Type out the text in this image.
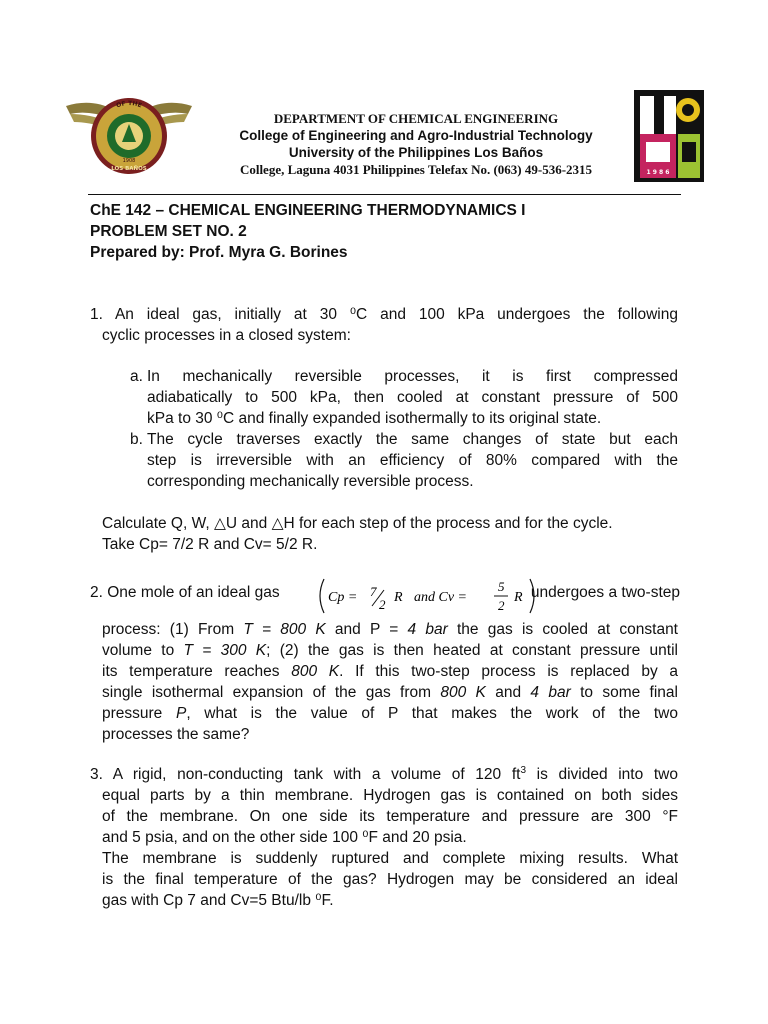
OF THE
LOS BAÑOS
1908
1 9 8 6
DEPARTMENT OF CHEMICAL ENGINEERING
College of Engineering and Agro-Industrial Technology
University of the Philippines Los Baños
College, Laguna 4031 Philippines Telefax No. (063) 49-536-2315
ChE 142 – CHEMICAL ENGINEERING THERMODYNAMICS I
PROBLEM SET NO. 2
Prepared by: Prof. Myra G. Borines
1. An ideal gas, initially at 30 ⁰C and 100 kPa undergoes the following
cyclic processes in a closed system:
a. In mechanically reversible processes, it is first compressed
adiabatically to 500 kPa, then cooled at constant pressure of 500
kPa to 30 ⁰C and finally expanded isothermally to its original state.
b. The cycle traverses exactly the same changes of state but each
step is irreversible with an efficiency of 80% compared with the
corresponding mechanically reversible process.
Calculate Q, W, △U and △H for each step of the process and for the cycle.
Take Cp= 7/2 R and Cv= 5/2 R.
2. One mole of an ideal gas	Cp = 7
2 R and Cv =
5
2
R undergoes a two-step
process: (1) From T = 800 K and P = 4 bar the gas is cooled at constant
volume to T = 300 K; (2) the gas is then heated at constant pressure until
its temperature reaches 800 K. If this two-step process is replaced by a
single isothermal expansion of the gas from 800 K and 4 bar to some final
pressure P, what is the value of P that makes the work of the two
processes the same?
3. A rigid, non-conducting tank with a volume of 120 $ft^3$ is divided into two
equal parts by a thin membrane. Hydrogen gas is contained on both sides
of the membrane. On one side its temperature and pressure are 300 °F
and 5 psia, and on the other side 100 ⁰F and 20 psia.
The membrane is suddenly ruptured and complete mixing results. What
is the final temperature of the gas? Hydrogen may be considered an ideal
gas with Cp 7 and Cv=5 Btu/lb ⁰F.
